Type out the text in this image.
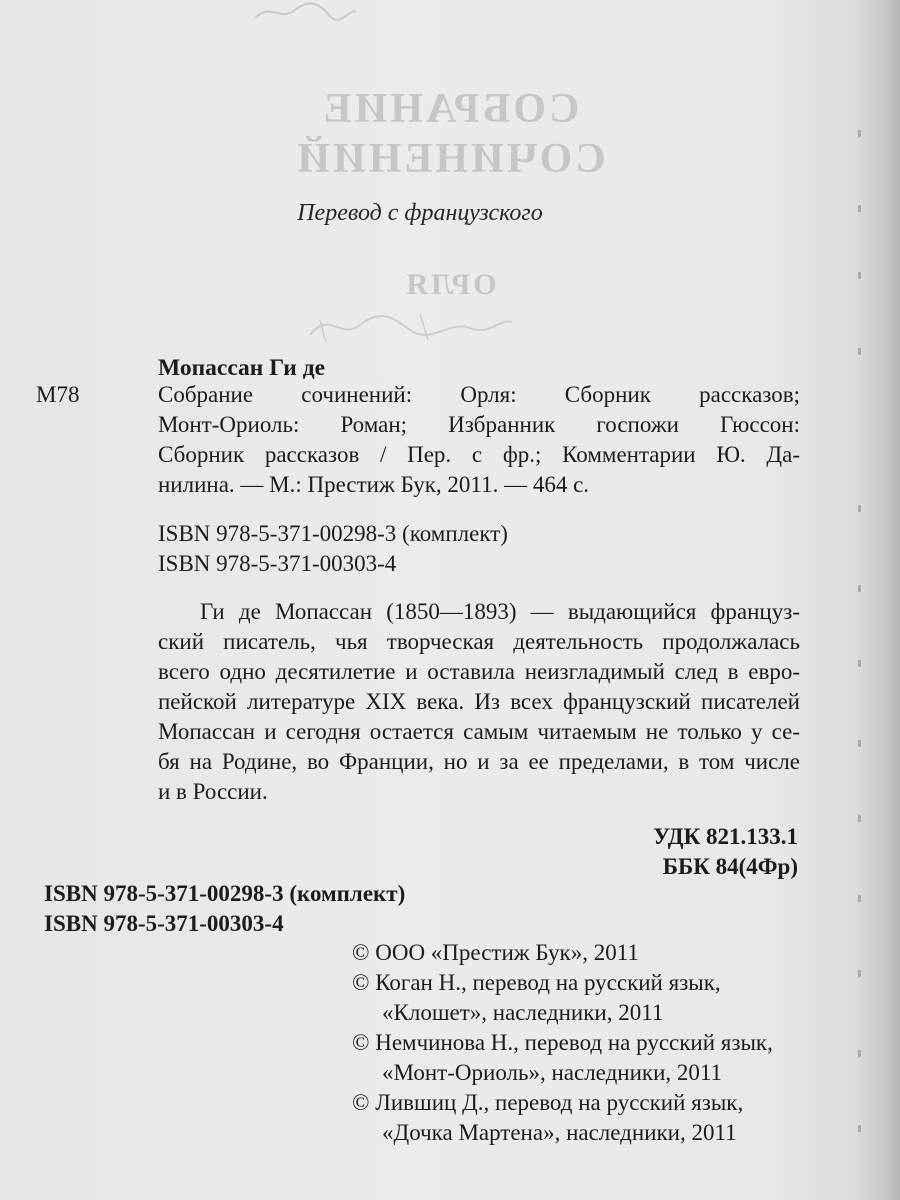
СОБРАНИЕ
СОЧИНЕНИЙ
ОРЛЯ
Перевод с французского
Мопассан Ги де
М78	Собрание сочинений: Орля: Сборник рассказов;
Монт-Ориоль: Роман; Избранник госпожи Гюссон:
Сборник рассказов / Пер. с фр.; Комментарии Ю. Да-
нилина. — М.: Престиж Бук, 2011. — 464 с.
ISBN 978-5-371-00298-3 (комплект)
ISBN 978-5-371-00303-4
Ги де Мопассан (1850—1893) — выдающийся француз-
ский писатель, чья творческая деятельность продолжалась
всего одно десятилетие и оставила неизгладимый след в евро-
пейской литературе XIX века. Из всех французский писателей
Мопассан и сегодня остается самым читаемым не только у се-
бя на Родине, во Франции, но и за ее пределами, в том числе
и в России.
УДК 821.133.1
ББК 84(4Фр)
ISBN 978-5-371-00298-3 (комплект)
ISBN 978-5-371-00303-4
© ООО «Престиж Бук», 2011
© Коган Н., перевод на русский язык,
«Клошет», наследники, 2011
© Немчинова Н., перевод на русский язык,
«Монт-Ориоль», наследники, 2011
© Лившиц Д., перевод на русский язык,
«Дочка Мартена», наследники, 2011
